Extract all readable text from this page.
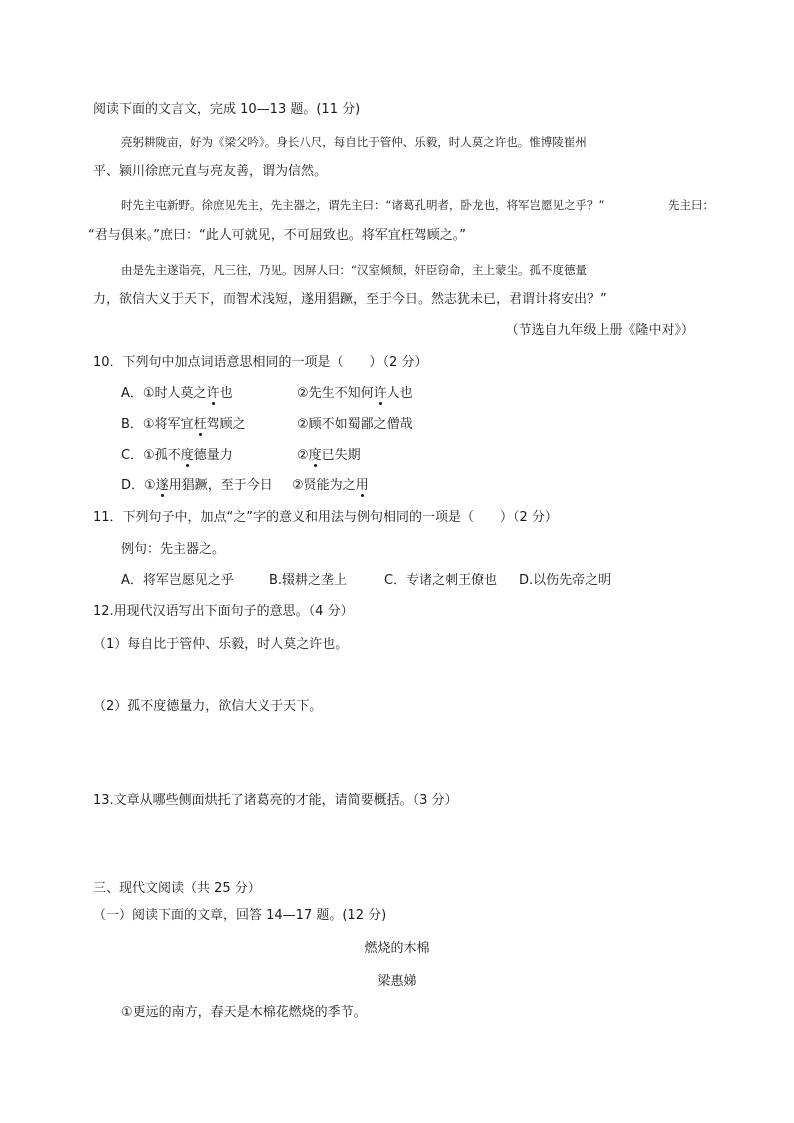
阅读下面的文言文，完成 10—13 题。(11 分)
亮躬耕陇亩，好为《梁父吟》。身长八尺，每自比于管仲、乐毅，时人莫之许也。惟博陵崔州
平、颍川徐庶元直与亮友善，谓为信然。
时先主屯新野。徐庶见先主，先主器之，谓先主曰：“诸葛孔明者，卧龙也，将军岂愿见之乎？”	先主曰：
“君与俱来。”庶曰：“此人可就见，不可屈致也。将军宜枉驾顾之。”
由是先主遂诣亮，凡三往，乃见。因屏人曰：“汉室倾颓，奸臣窃命，主上蒙尘。孤不度德量
力，欲信大义于天下，而智术浅短，遂用猖蹶，至于今日。然志犹未已，君谓计将安出？”
（节选自九年级上册《隆中对》）
10．下列句中加点词语意思相同的一项是（　　）（2 分）
A．①时人莫之许也	②先生不知何许人也
B．①将军宜枉驾顾之	②顾不如蜀鄙之僧哉
C．①孤不度德量力	②度已失期
D．①遂用猖蹶，至于今日 ②贤能为之用
11．下列句子中，加点“之”字的意义和用法与例句相同的一项是（　　）（2 分）
例句：先主器之。
A．将军岂愿见之乎	B.辍耕之垄上	C．专诸之刺王僚也 D.以伤先帝之明
12.用现代汉语写出下面句子的意思。（4 分）
（1）每自比于管仲、乐毅，时人莫之许也。
（2）孤不度德量力，欲信大义于天下。
13.文章从哪些侧面烘托了诸葛亮的才能，请简要概括。（3 分）
三、现代文阅读（共 25 分）
（一）阅读下面的文章，回答 14—17 题。(12 分)
燃烧的木棉
梁惠娣
①更远的南方，春天是木棉花燃烧的季节。
